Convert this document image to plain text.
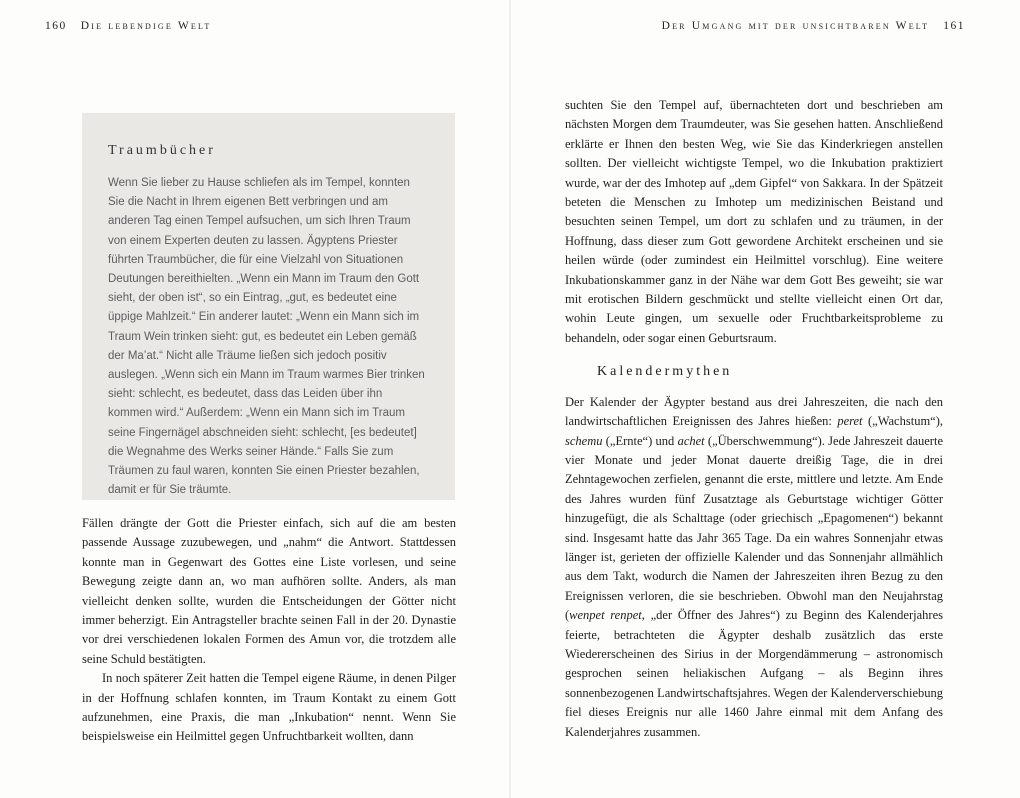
160 Die lebendige Welt
Traumbücher

Wenn Sie lieber zu Hause schliefen als im Tempel, konnten Sie die Nacht in Ihrem eigenen Bett verbringen und am anderen Tag einen Tempel aufsuchen, um sich Ihren Traum von einem Experten deuten zu lassen. Ägyptens Priester führten Traumbücher, die für eine Vielzahl von Situationen Deutungen bereithielten. „Wenn ein Mann im Traum den Gott sieht, der oben ist“, so ein Eintrag, „gut, es bedeutet eine üppige Mahlzeit.“ Ein anderer lautet: „Wenn ein Mann sich im Traum Wein trinken sieht: gut, es bedeutet ein Leben gemäß der Ma’at.“ Nicht alle Träume ließen sich jedoch positiv auslegen. „Wenn sich ein Mann im Traum warmes Bier trinken sieht: schlecht, es bedeutet, dass das Leiden über ihn kommen wird.“ Außerdem: „Wenn ein Mann sich im Traum seine Fingernägel abschneiden sieht: schlecht, [es bedeutet] die Wegnahme des Werks seiner Hände.“ Falls Sie zum Träumen zu faul waren, konnten Sie einen Priester bezahlen, damit er für Sie träumte.

Fällen drängte der Gott die Priester einfach, sich auf die am besten passende Aussage zuzubewegen, und „nahm“ die Antwort. Stattdessen konnte man in Gegenwart des Gottes eine Liste vorlesen, und seine Bewegung zeigte dann an, wo man aufhören sollte. Anders, als man vielleicht denken sollte, wurden die Entscheidungen der Götter nicht immer beherzigt. Ein Antragsteller brachte seinen Fall in der 20. Dynastie vor drei verschiedenen lokalen Formen des Amun vor, die trotzdem alle seine Schuld bestätigten.

In noch späterer Zeit hatten die Tempel eigene Räume, in denen Pilger in der Hoffnung schlafen konnten, im Traum Kontakt zu einem Gott aufzunehmen, eine Praxis, die man „Inkubation“ nennt. Wenn Sie beispielsweise ein Heilmittel gegen Unfruchtbarkeit wollten, dann

Der Umgang mit der unsichtbaren Welt 161

suchten Sie den Tempel auf, übernachteten dort und beschrieben am nächsten Morgen dem Traumdeuter, was Sie gesehen hatten. Anschließend erklärte er Ihnen den besten Weg, wie Sie das Kinderkriegen anstellen sollten. Der vielleicht wichtigste Tempel, wo die Inkubation praktiziert wurde, war der des Imhotep auf „dem Gipfel“ von Sakkara. In der Spätzeit beteten die Menschen zu Imhotep um medizinischen Beistand und besuchten seinen Tempel, um dort zu schlafen und zu träumen, in der Hoffnung, dass dieser zum Gott gewordene Architekt erscheinen und sie heilen würde (oder zumindest ein Heilmittel vorschlug). Eine weitere Inkubationskammer ganz in der Nähe war dem Gott Bes geweiht; sie war mit erotischen Bildern geschmückt und stellte vielleicht einen Ort dar, wohin Leute gingen, um sexuelle oder Fruchtbarkeitsprobleme zu behandeln, oder sogar einen Geburtsraum.

Kalendermythen

Der Kalender der Ägypter bestand aus drei Jahreszeiten, die nach den landwirtschaftlichen Ereignissen des Jahres hießen: peret („Wachstum“), schemu („Ernte“) und achet („Überschwemmung“). Jede Jahreszeit dauerte vier Monate und jeder Monat dauerte dreißig Tage, die in drei Zehntagewochen zerfielen, genannt die erste, mittlere und letzte. Am Ende des Jahres wurden fünf Zusatztage als Geburtstage wichtiger Götter hinzugefügt, die als Schalttage (oder griechisch „Epagomenen“) bekannt sind. Insgesamt hatte das Jahr 365 Tage. Da ein wahres Sonnenjahr etwas länger ist, gerieten der offizielle Kalender und das Sonnenjahr allmählich aus dem Takt, wodurch die Namen der Jahreszeiten ihren Bezug zu den Ereignissen verloren, die sie beschrieben. Obwohl man den Neujahrstag (wenpet renpet, „der Öffner des Jahres“) zu Beginn des Kalenderjahres feierte, betrachteten die Ägypter deshalb zusätzlich das erste Wiedererscheinen des Sirius in der Morgendämmerung – astronomisch gesprochen seinen heliakischen Aufgang – als Beginn ihres sonnenbezogenen Landwirtschaftsjahres. Wegen der Kalenderverschiebung fiel dieses Ereignis nur alle 1460 Jahre einmal mit dem Anfang des Kalenderjahres zusammen.
